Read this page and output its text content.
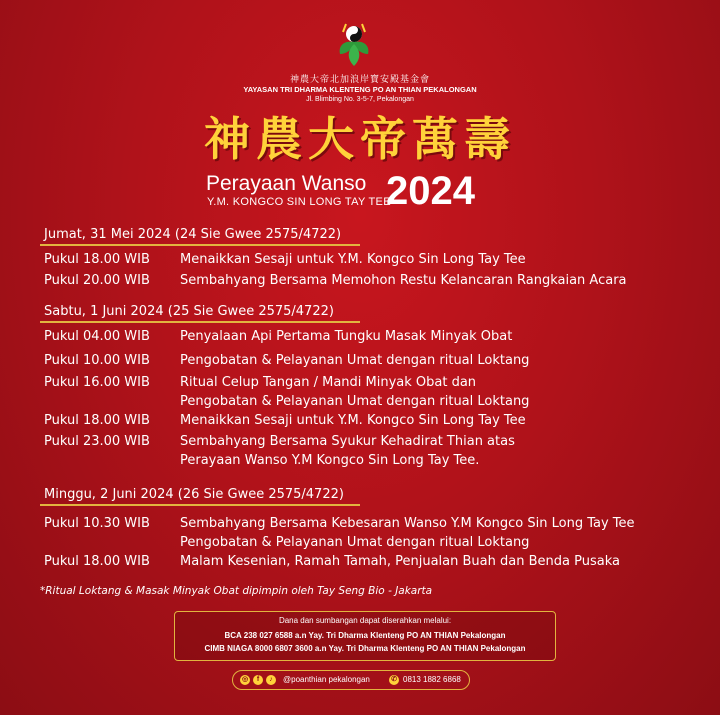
神農大帝北加浪岸寶安殿基金會
YAYASAN TRI DHARMA KLENTENG PO AN THIAN PEKALONGAN
Jl. Blimbing No. 3-5-7, Pekalongan
神農大帝萬壽
Perayaan Wanso
Y.M. KONGCO SIN LONG TAY TEE
2024
Jumat, 31 Mei 2024 (24 Sie Gwee 2575/4722)
Pukul 18.00 WIB Menaikkan Sesaji untuk Y.M. Kongco Sin Long Tay Tee
Pukul 20.00 WIB Sembahyang Bersama Memohon Restu Kelancaran Rangkaian Acara
Sabtu, 1 Juni 2024 (25 Sie Gwee 2575/4722)
Pukul 04.00 WIB Penyalaan Api Pertama Tungku Masak Minyak Obat
Pukul 10.00 WIB Pengobatan & Pelayanan Umat dengan ritual Loktang
Pukul 16.00 WIB Ritual Celup Tangan / Mandi Minyak Obat dan
Pengobatan & Pelayanan Umat dengan ritual Loktang
Pukul 18.00 WIB Menaikkan Sesaji untuk Y.M. Kongco Sin Long Tay Tee
Pukul 23.00 WIB Sembahyang Bersama Syukur Kehadirat Thian atas
Perayaan Wanso Y.M Kongco Sin Long Tay Tee.
Minggu, 2 Juni 2024 (26 Sie Gwee 2575/4722)
Pukul 10.30 WIB Sembahyang Bersama Kebesaran Wanso Y.M Kongco Sin Long Tay Tee
Pengobatan & Pelayanan Umat dengan ritual Loktang
Pukul 18.00 WIB Malam Kesenian, Ramah Tamah, Penjualan Buah dan Benda Pusaka
*Ritual Loktang & Masak Minyak Obat dipimpin oleh Tay Seng Bio - Jakarta
Dana dan sumbangan dapat diserahkan melalui:
BCA 238 027 6588 a.n Yay. Tri Dharma Klenteng PO AN THIAN Pekalongan
CIMB NIAGA 8000 6807 3600 a.n Yay. Tri Dharma Klenteng PO AN THIAN Pekalongan
◎	f	♪	@poanthian pekalongan	✆ 0813 1882 6868
